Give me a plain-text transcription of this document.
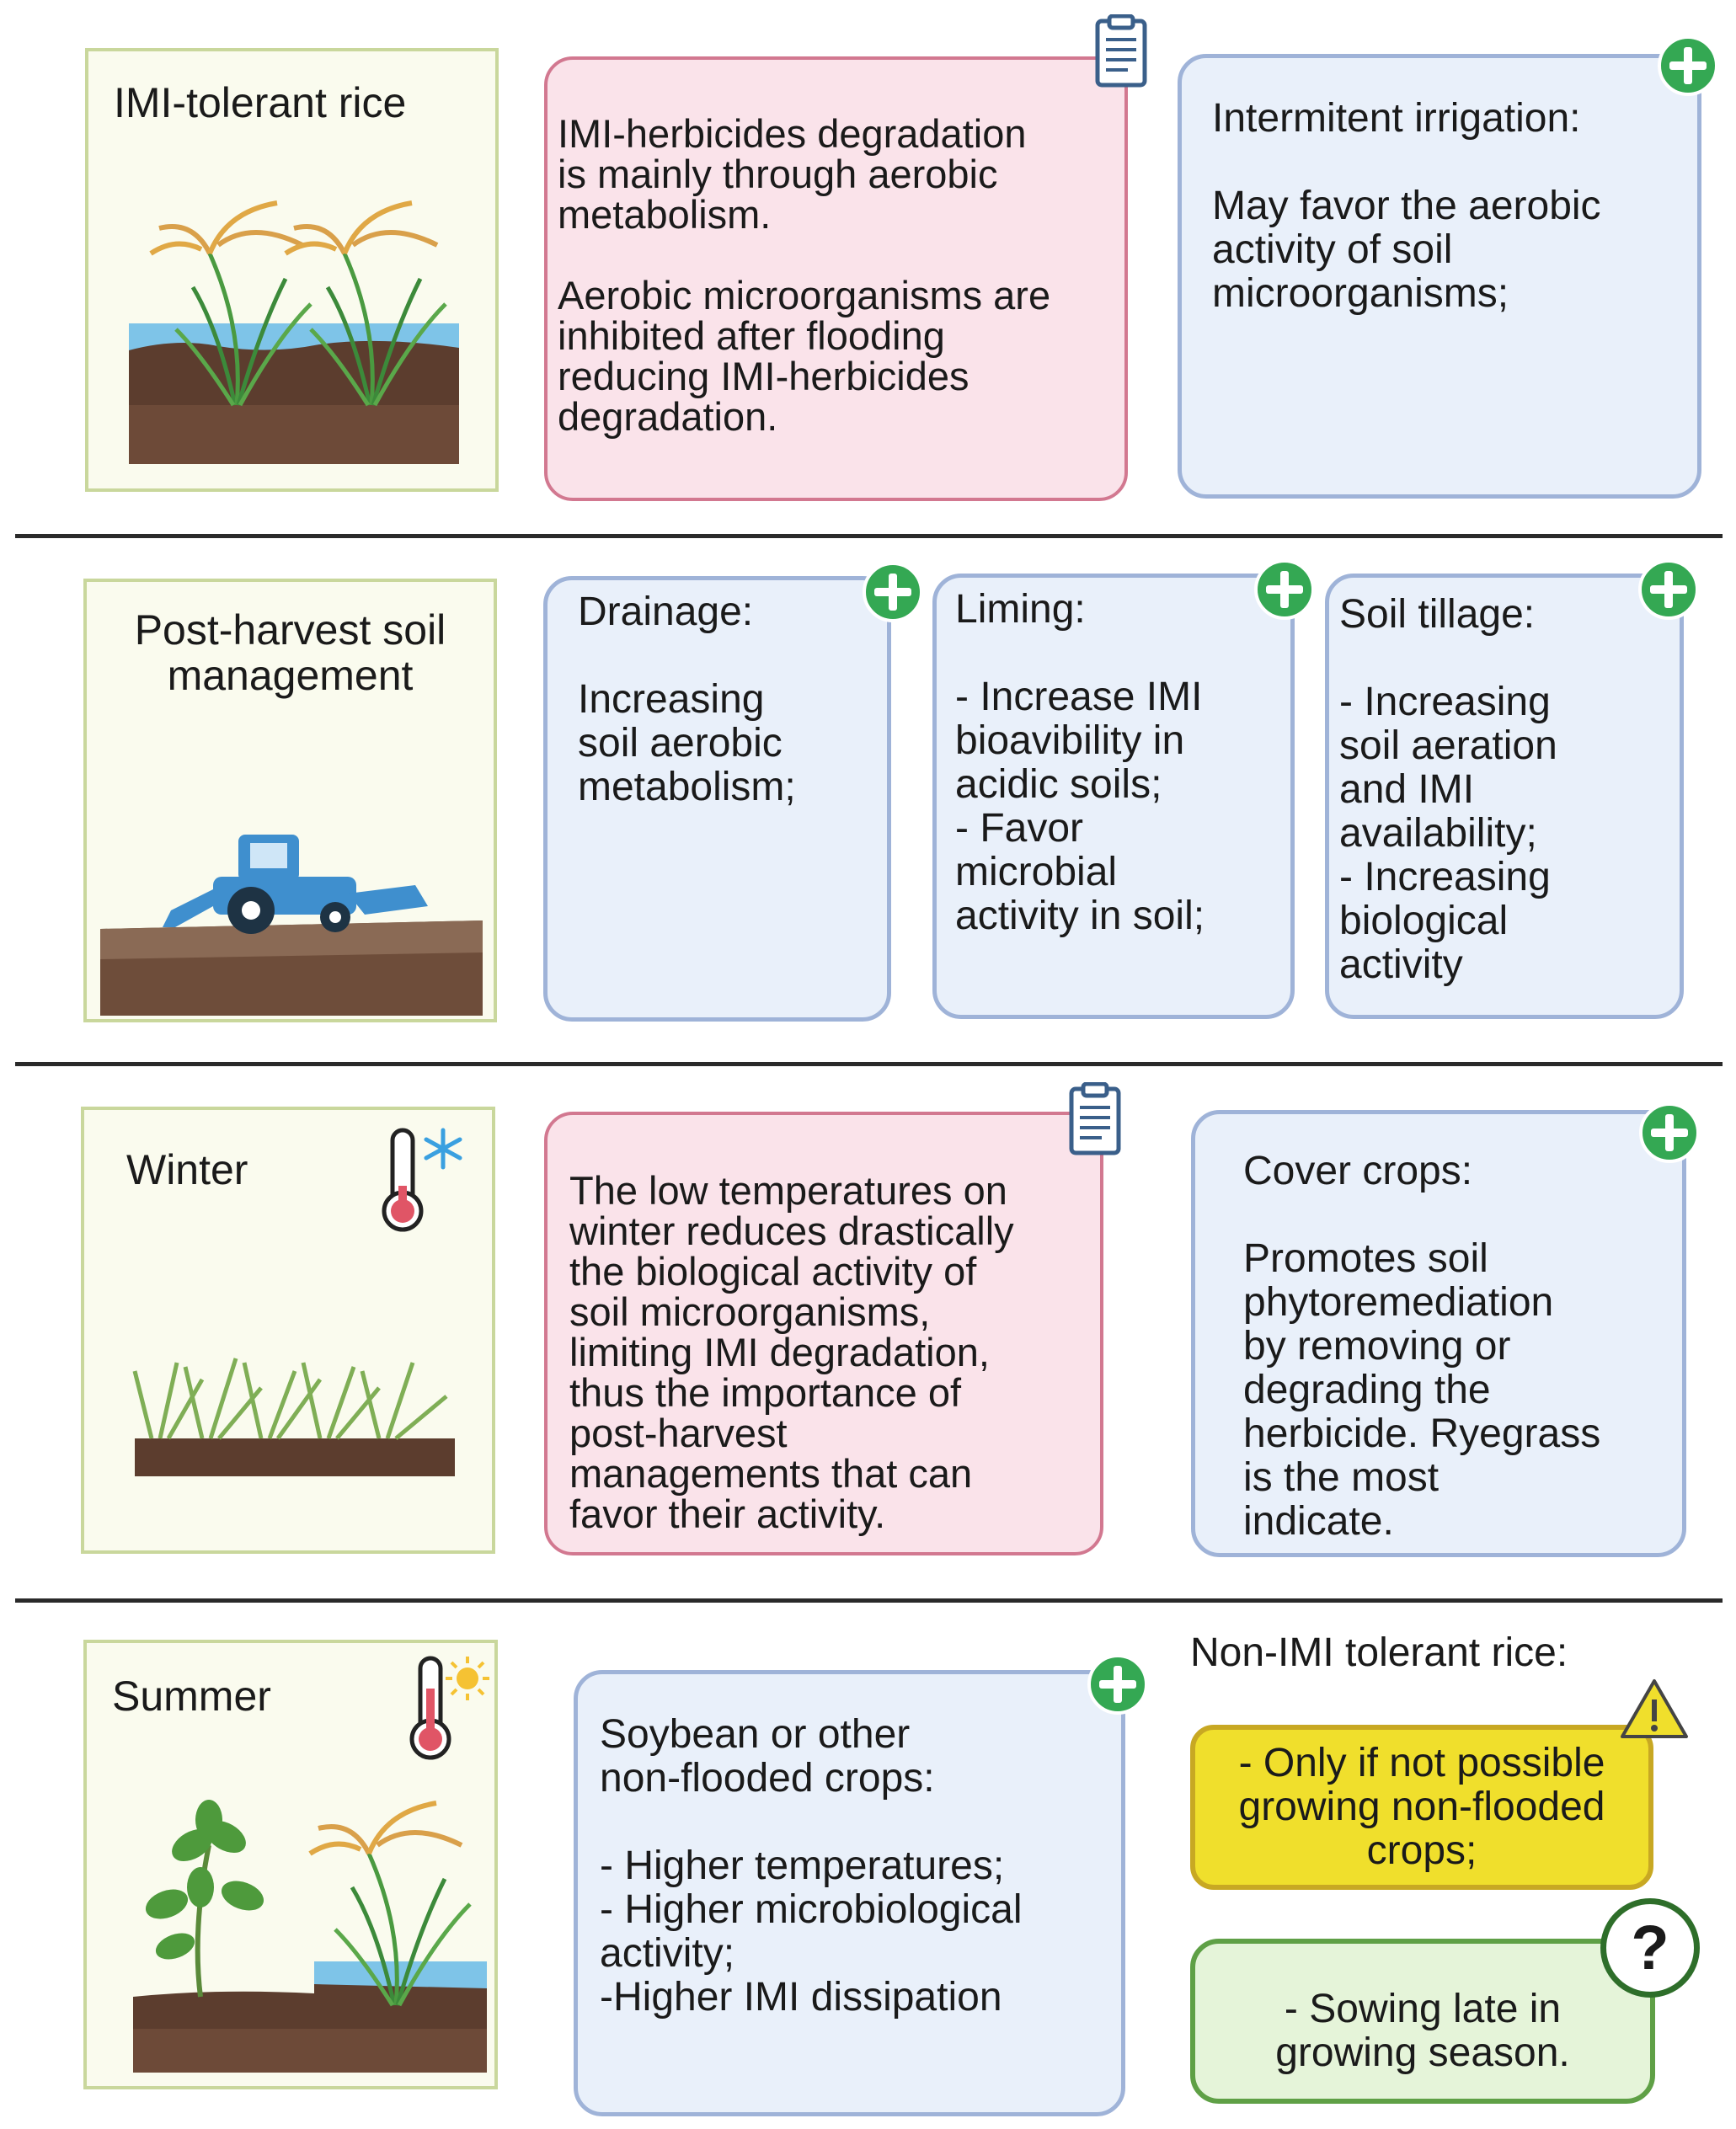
IMI-tolerant rice
IMI-herbicides degradation
is mainly through aerobic
metabolism.

Aerobic microorganisms are
inhibited after flooding
reducing IMI-herbicides
degradation.
Intermitent irrigation:

May favor the aerobic
activity of soil
microorganisms;
Post-harvest soil
management
Drainage:

Increasing
soil aerobic
metabolism;
Liming:

- Increase IMI
bioavibility in
acidic soils;
- Favor
microbial
activity in soil;
Soil tillage:

- Increasing
soil aeration
and IMI
availability;
- Increasing
biological
activity
Winter	The low temperatures on
winter reduces drastically
the biological activity of
soil microorganisms,
limiting IMI degradation,
thus the importance of
post-harvest
managements that can
favor their activity.
Cover crops:

Promotes soil
phytoremediation
by removing or
degrading the
herbicide. Ryegrass
is the most
indicate.
Summer
Soybean or other
non-flooded crops:

- Higher temperatures;
- Higher microbiological
activity;
-Higher IMI dissipation
Non-IMI tolerant rice:
- Only if not possible
growing non-flooded
crops;
- Sowing late in
growing season.
?
